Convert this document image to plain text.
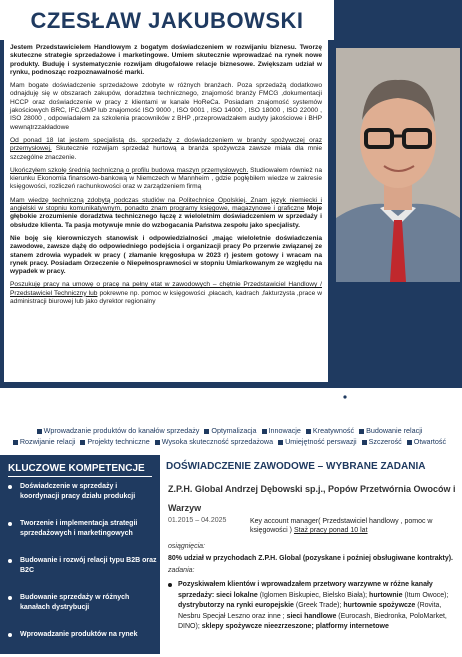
CZESŁAW JAKUBOWSKI

Jestem Przedstawicielem Handlowym z bogatym doświadczeniem w rozwijaniu biznesu. Tworzę skuteczne strategie sprzedażowe i marketingowe. Umiem skutecznie wprowadzać na rynek nowe produkty. Buduję i systematycznie rozwijam długofalowe relacje biznesowe. Zwiększam udział w rynku, podnosząc rozpoznawalność marki.

Mam bogate doświadczenie sprzedażowe zdobyte w różnych branżach. Poza sprzedażą dodatkowo odnajduję się w obszarach zakupów, doradztwa technicznego, znajomość branży FMCG ,dokumentacji HCCP oraz doświadczenie w pracy z klientami w kanale HoReCa. Posiadam znajomość systemów jakościowych BRC, IFC,GMP lub znajomość ISO 9000 , ISO 9001 , ISO 14000 , ISO 18000 , ISO 22000 , ISO 28000 , odpowiadałem za szkolenia pracowników z BHP ,przeprowadzałem audyty jakościowe i BHP wewnątrzzakładowe

Od ponad 18 lat jestem specjalistą ds. sprzedaży z doświadczeniem w branży spożywczej oraz przemysłowej. Skutecznie rozwijam sprzedaż hurtową a branża spożywcza zawsze miała dla mnie szczególne znaczenie.

Ukończyłem szkołę średnią techniczną o profilu budowa maszyn przemysłowych. Studiowałem również na kierunku Ekonomia finansowo-bankową w Niemczech w Mannheim , gdzie pogłębiłem wiedze w zakresie księgowości, rozliczeń rachunkowości oraz w zarządzeniem firmą

Mam wiedzę techniczną zdobytą podczas studiów na Politechnice Opolskiej. Znam język niemiecki i angielski w stopniu komunikatywnym, ponadto znam programy księgowe, magazynowe i graficzne Moje głębokie zrozumienie doradztwa technicznego łączę z wieloletnim doświadczeniem w sprzedaży i obsłudze klienta. Ta pasja motywuje mnie do wzbogacania Państwa zespołu jako specjalisty.

Nie boję się kierowniczych stanowisk i odpowiedzialności ,mając wieloletnie doświadczenia zawodowe, zawsze dążę do odpowiedniego podejścia i organizacji pracy Po przerwie związanej ze stanem zdrowia wypadek w pracy ( złamanie kręgosłupa w 2023 r) jestem gotowy i wracam na rynek pracy. Posiadam Orzeczenie o Niepełnosprawności w stopniu Umiarkowanym ze względu na wypadek w pracy.

Poszukuję pracy na umowę o pracę na pełny etat w zawodowych – chętnie Przedstawiciel Handlowy / Przedstawiciel Techniczny lub pokrewne np. pomoc w księgowości ,płacach, kadrach ,fakturzysta ,prace w administracji biurowej lub jako dyrektor regionalny

+48 692 689 344	czeslaw78@poczta.onet.pl	Kłobuck
Wprowadzanie produktów do kanałów sprzedaży Optymalizacja Innowacje Kreatywność Budowanie relacji Rozwijanie relacji Projekty techniczne Wysoka skuteczność sprzedażowa Umiejętność perswazji Szczerość Otwartość
KLUCZOWE KOMPETENCJE
Doświadczenie w sprzedaży i koordynacji pracy działu produkcji
Tworzenie i implementacja strategii sprzedażowych i marketingowych
Budowanie i rozwój relacji typu B2B oraz B2C
Budowanie sprzedaży w różnych kanałach dystrybucji
Wprowadzanie produktów na rynek
DOŚWIADCZENIE ZAWODOWE – WYBRANE ZADANIA
Z.P.H. Global Andrzej Dębowski sp.j., Popów Przetwórnia Owoców i Warzyw
01.2015 – 04.2025	Key account manager( Przedstawiciel handlowy , pomoc w księgowości ) Staż pracy ponad 10 lat
osiągnięcia:
80% udział w przychodach Z.P.H. Global (pozyskane i poźniej obsługiwane kontrakty).
zadania:
Pozyskiwałem klientów i wprowadzałem przetwory warzywne w różne kanały sprzedaży: sieci lokalne (Iglomen Biskupiec, Bielsko Biała); hurtownie (Itum Owoce); dystrybutorzy na rynki europejskie (Greek Trade); hurtownie spożywcze (Rovita, Nesbru Specjał Leszno oraz inne ; sieci handlowe (Eurocash, Biedronka, PoloMarket, DINO); sklepy spożywcze nieezrzeszone; platformy internetowe
